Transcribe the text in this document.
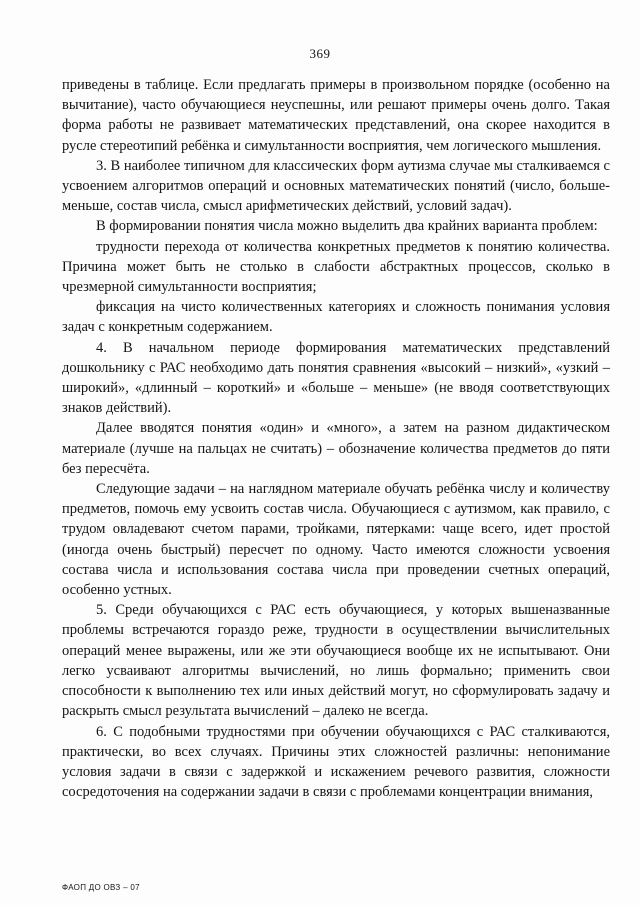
369

приведены в таблице. Если предлагать примеры в произвольном порядке (особенно на вычитание), часто обучающиеся неуспешны, или решают примеры очень долго. Такая форма работы не развивает математических представлений, она скорее находится в русле стереотипий ребёнка и симультанности восприятия, чем логического мышления.

3. В наиболее типичном для классических форм аутизма случае мы сталкиваемся с усвоением алгоритмов операций и основных математических понятий (число, больше-меньше, состав числа, смысл арифметических действий, условий задач).

В формировании понятия числа можно выделить два крайних варианта проблем:

трудности перехода от количества конкретных предметов к понятию количества. Причина может быть не столько в слабости абстрактных процессов, сколько в чрезмерной симультанности восприятия;

фиксация на чисто количественных категориях и сложность понимания условия задач с конкретным содержанием.

4. В начальном периоде формирования математических представлений дошкольнику с РАС необходимо дать понятия сравнения «высокий – низкий», «узкий – широкий», «длинный – короткий» и «больше – меньше» (не вводя соответствующих знаков действий).

Далее вводятся понятия «один» и «много», а затем на разном дидактическом материале (лучше на пальцах не считать) – обозначение количества предметов до пяти без пересчёта.

Следующие задачи – на наглядном материале обучать ребёнка числу и количеству предметов, помочь ему усвоить состав числа. Обучающиеся с аутизмом, как правило, с трудом овладевают счетом парами, тройками, пятерками: чаще всего, идет простой (иногда очень быстрый) пересчет по одному. Часто имеются сложности усвоения состава числа и использования состава числа при проведении счетных операций, особенно устных.

5. Среди обучающихся с РАС есть обучающиеся, у которых вышеназванные проблемы встречаются гораздо реже, трудности в осуществлении вычислительных операций менее выражены, или же эти обучающиеся вообще их не испытывают. Они легко усваивают алгоритмы вычислений, но лишь формально; применить свои способности к выполнению тех или иных действий могут, но сформулировать задачу и раскрыть смысл результата вычислений – далеко не всегда.

6. С подобными трудностями при обучении обучающихся с РАС сталкиваются, практически, во всех случаях. Причины этих сложностей различны: непонимание условия задачи в связи с задержкой и искажением речевого развития, сложности сосредоточения на содержании задачи в связи с проблемами концентрации внимания,

ФАОП ДО ОВЗ – 07
